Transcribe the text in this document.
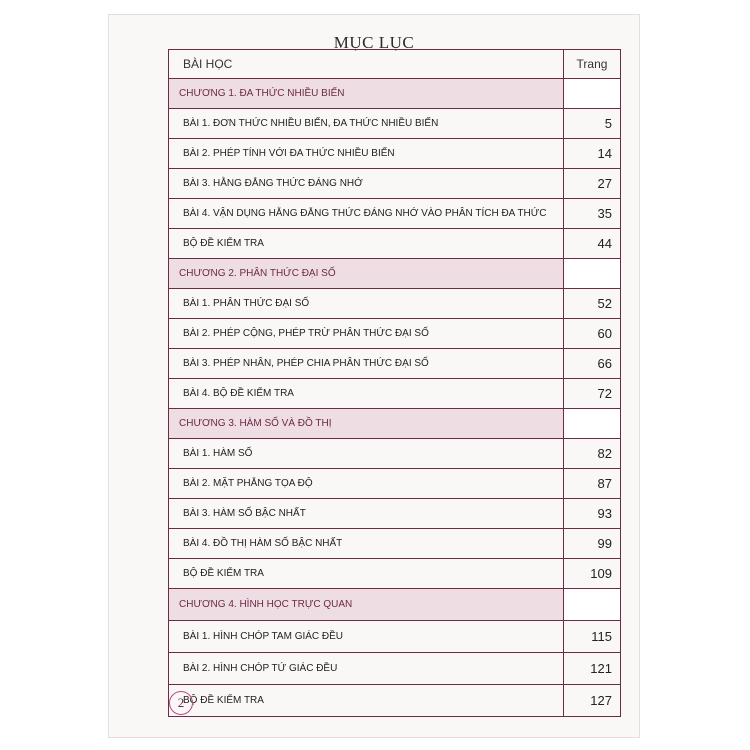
MỤC LỤC
BÀI HỌC	Trang
CHƯƠNG 1. ĐA THỨC NHIỀU BIẾN	
BÀI 1. ĐƠN THỨC NHIỀU BIẾN, ĐA THỨC NHIỀU BIẾN	5
BÀI 2. PHÉP TÍNH VỚI ĐA THỨC NHIỀU BIẾN	14
BÀI 3. HẰNG ĐẲNG THỨC ĐÁNG NHỚ	27
BÀI 4. VẬN DỤNG HẰNG ĐẲNG THỨC ĐÁNG NHỚ VÀO PHÂN TÍCH ĐA THỨC	35
BỘ ĐỀ KIỂM TRA	44
CHƯƠNG 2. PHÂN THỨC ĐẠI SỐ	
BÀI 1. PHÂN THỨC ĐẠI SỐ	52
BÀI 2. PHÉP CỘNG, PHÉP TRỪ PHÂN THỨC ĐẠI SỐ	60
BÀI 3. PHÉP NHÂN, PHÉP CHIA PHÂN THỨC ĐẠI SỐ	66
BÀI 4. BỘ ĐỀ KIỂM TRA	72
CHƯƠNG 3. HÀM SỐ VÀ ĐỒ THỊ	
BÀI 1. HÀM SỐ	82
BÀI 2. MẶT PHẲNG TỌA ĐỘ	87
BÀI 3. HÀM SỐ BẬC NHẤT	93
BÀI 4. ĐỒ THỊ HÀM SỐ BẬC NHẤT	99
BỘ ĐỀ KIỂM TRA	109
CHƯƠNG 4. HÌNH HỌC TRỰC QUAN	
BÀI 1. HÌNH CHÓP TAM GIÁC ĐỀU	115
BÀI 2. HÌNH CHÓP TỨ GIÁC ĐỀU	121
BỘ ĐỀ KIỂM TRA	127
2
